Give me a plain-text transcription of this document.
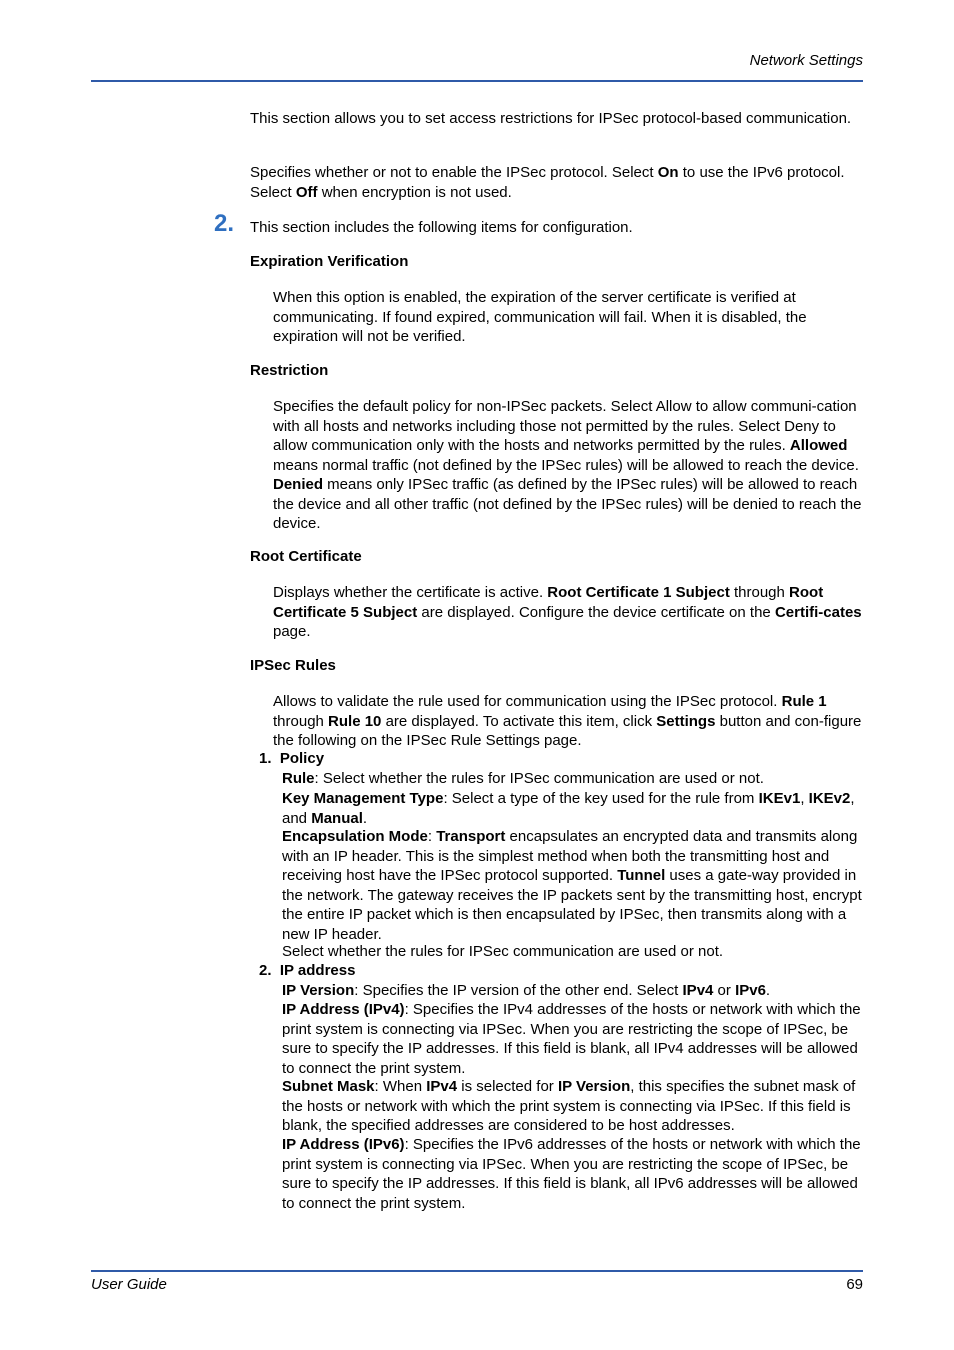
Network Settings

This section allows you to set access restrictions for IPSec protocol-based communication.

Specifies whether or not to enable the IPSec protocol. Select On to use the IPv6 protocol. Select Off when encryption is not used.

2. This section includes the following items for configuration.

Expiration Verification

When this option is enabled, the expiration of the server certificate is verified at communicating. If found expired, communication will fail. When it is disabled, the expiration will not be verified.

Restriction

Specifies the default policy for non-IPSec packets. Select Allow to allow communi-cation with all hosts and networks including those not permitted by the rules. Select Deny to allow communication only with the hosts and networks permitted by the rules. Allowed means normal traffic (not defined by the IPSec rules) will be allowed to reach the device. Denied means only IPSec traffic (as defined by the IPSec rules) will be allowed to reach the device and all other traffic (not defined by the IPSec rules) will be denied to reach the device.

Root Certificate

Displays whether the certificate is active. Root Certificate 1 Subject through Root Certificate 5 Subject are displayed. Configure the device certificate on the Certifi-cates page.

IPSec Rules

Allows to validate the rule used for communication using the IPSec protocol. Rule 1 through Rule 10 are displayed. To activate this item, click Settings button and con-figure the following on the IPSec Rule Settings page.

1.  Policy

Rule: Select whether the rules for IPSec communication are used or not.

Key Management Type: Select a type of the key used for the rule from IKEv1, IKEv2, and Manual.

Encapsulation Mode: Transport encapsulates an encrypted data and transmits along with an IP header. This is the simplest method when both the transmitting host and receiving host have the IPSec protocol supported. Tunnel uses a gate-way provided in the network. The gateway receives the IP packets sent by the transmitting host, encrypt the entire IP packet which is then encapsulated by IPSec, then transmits along with a new IP header.

Select whether the rules for IPSec communication are used or not.

2.  IP address

IP Version: Specifies the IP version of the other end. Select IPv4 or IPv6.

IP Address (IPv4): Specifies the IPv4 addresses of the hosts or network with which the print system is connecting via IPSec. When you are restricting the scope of IPSec, be sure to specify the IP addresses. If this field is blank, all IPv4 addresses will be allowed to connect the print system.

Subnet Mask: When IPv4 is selected for IP Version, this specifies the subnet mask of the hosts or network with which the print system is connecting via IPSec. If this field is blank, the specified addresses are considered to be host addresses.

IP Address (IPv6): Specifies the IPv6 addresses of the hosts or network with which the print system is connecting via IPSec. When you are restricting the scope of IPSec, be sure to specify the IP addresses. If this field is blank, all IPv6 addresses will be allowed to connect the print system.

User Guide	69
